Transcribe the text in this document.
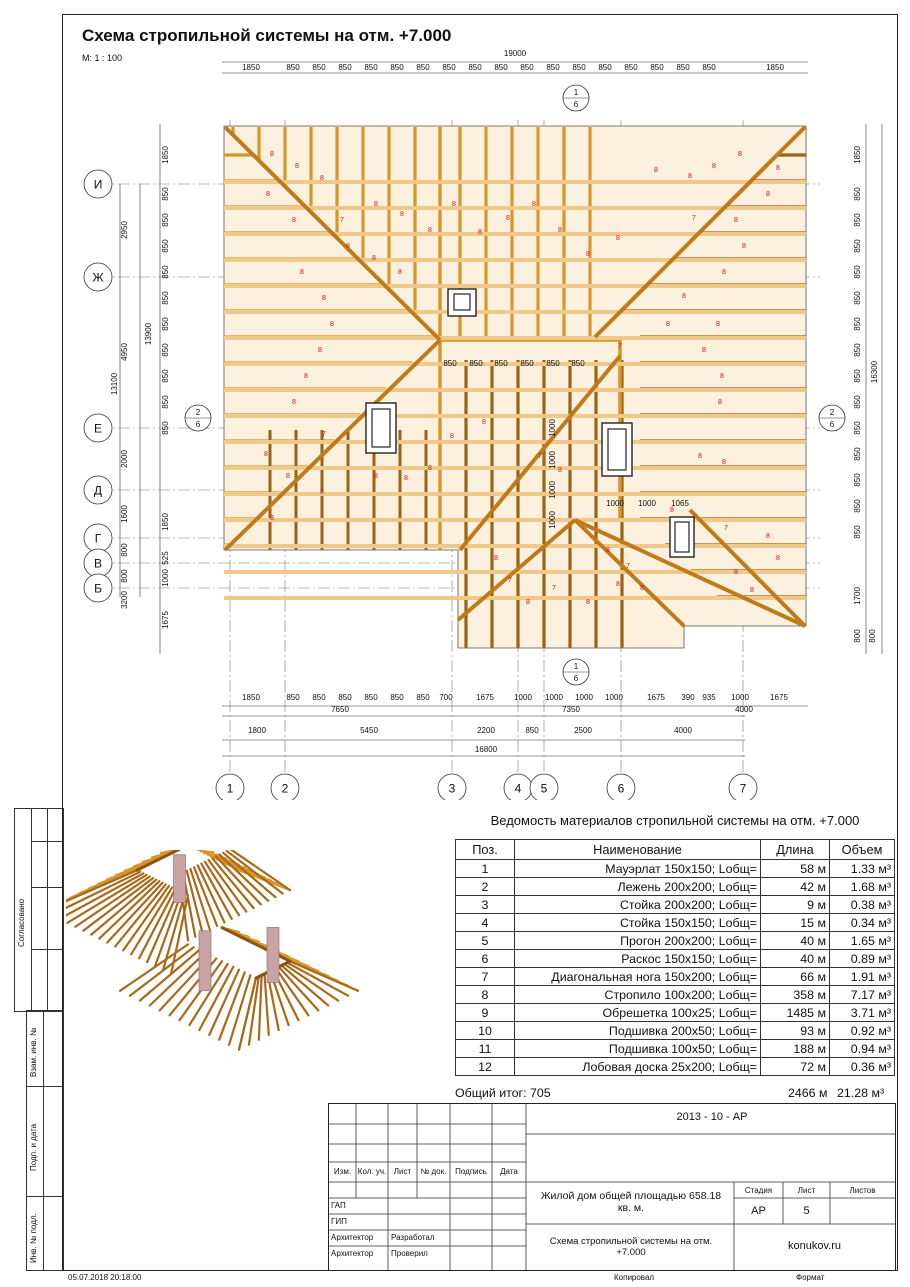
Схема стропильной системы на отм. +7.000
М: 1 : 100
8
8
8
8
8	7
8
8
8
8
8
8
7
8
8
8
8
8
8
8
8
8
8
8
8
8
8
8
8
8
8
8
8
8
8
8
8
8
8
8
8
8
7
8
8
8
8
8
8
8
8
8
8
7
8
8
8
8
8
7
8
7
8
8
8
7
8
8
7
8
7
19000
1850	850 850 850 850 850 850 850 850 850 850 850 850 850 850 850 850 850	1850
850 850 850 850 850 850
1850	850 850 850 850 850 850 700	1675	1000 1000 1000 1000	1675 390 935 1000	1675
7650	7350	4000
1800	5450	2200	850	2500	4000
16800
2950
4950
2000
1600
800
800
3200
13100
13900
1850
850
850
850
850
850
850
850
850
850
850
1850
525
1000
1675
1850
850
850
850
850
850
850
850
850
850
850
850
850
850
850
1700
800
16300
800
1000
1000
1000
1000
1000 1000 1065
И
Ж
Е
Д
Г
В
Б
1	2	3	4 5	6	7
1
6
1
6
2
6
2
6
Ведомость материалов стропильной системы на отм. +7.000
Поз.	Наименование	Длина	Объем
1	Мауэрлат 150х150; Lобщ=	58 м	1.33 м³
2	Лежень 200х200; Lобщ=	42 м	1.68 м³
3	Стойка 200х200; Lобщ=	9 м	0.38 м³
4	Стойка 150х150; Lобщ=	15 м	0.34 м³
5	Прогон 200х200; Lобщ=	40 м	1.65 м³
6	Раскос 150х150; Lобщ=	40 м	0.89 м³
7	Диагональная нога 150х200; Lобщ=	66 м	1.91 м³
8	Стропило 100х200; Lобщ=	358 м	7.17 м³
9	Обрешетка 100х25; Lобщ=	1485 м	3.71 м³
10	Подшивка 200х50; Lобщ=	93 м	0.92 м³
11	Подшивка 100х50; Lобщ=	188 м	0.94 м³
12	Лобовая доска 25х200; Lобщ=	72 м	0.36 м³
Общий итог: 705	2466 м 21.28 м³
Согласовано
Взам. инв. №
Подп. и дата
Инв. № подл.
2013 - 10 - АР
Изм. Кол. уч. Лист	№ док.	Подпись	Дата
ГАП
ГИП
Архитектор
Архитектор
Разработал
Проверил
Жилой дом общей площадью 658.18 кв. м.
Стадия	Лист	Листов
АР	5
Схема стропильной системы на отм. +7.000
konukov.ru
05.07.2018 20:18:00	Копировал	Формат
